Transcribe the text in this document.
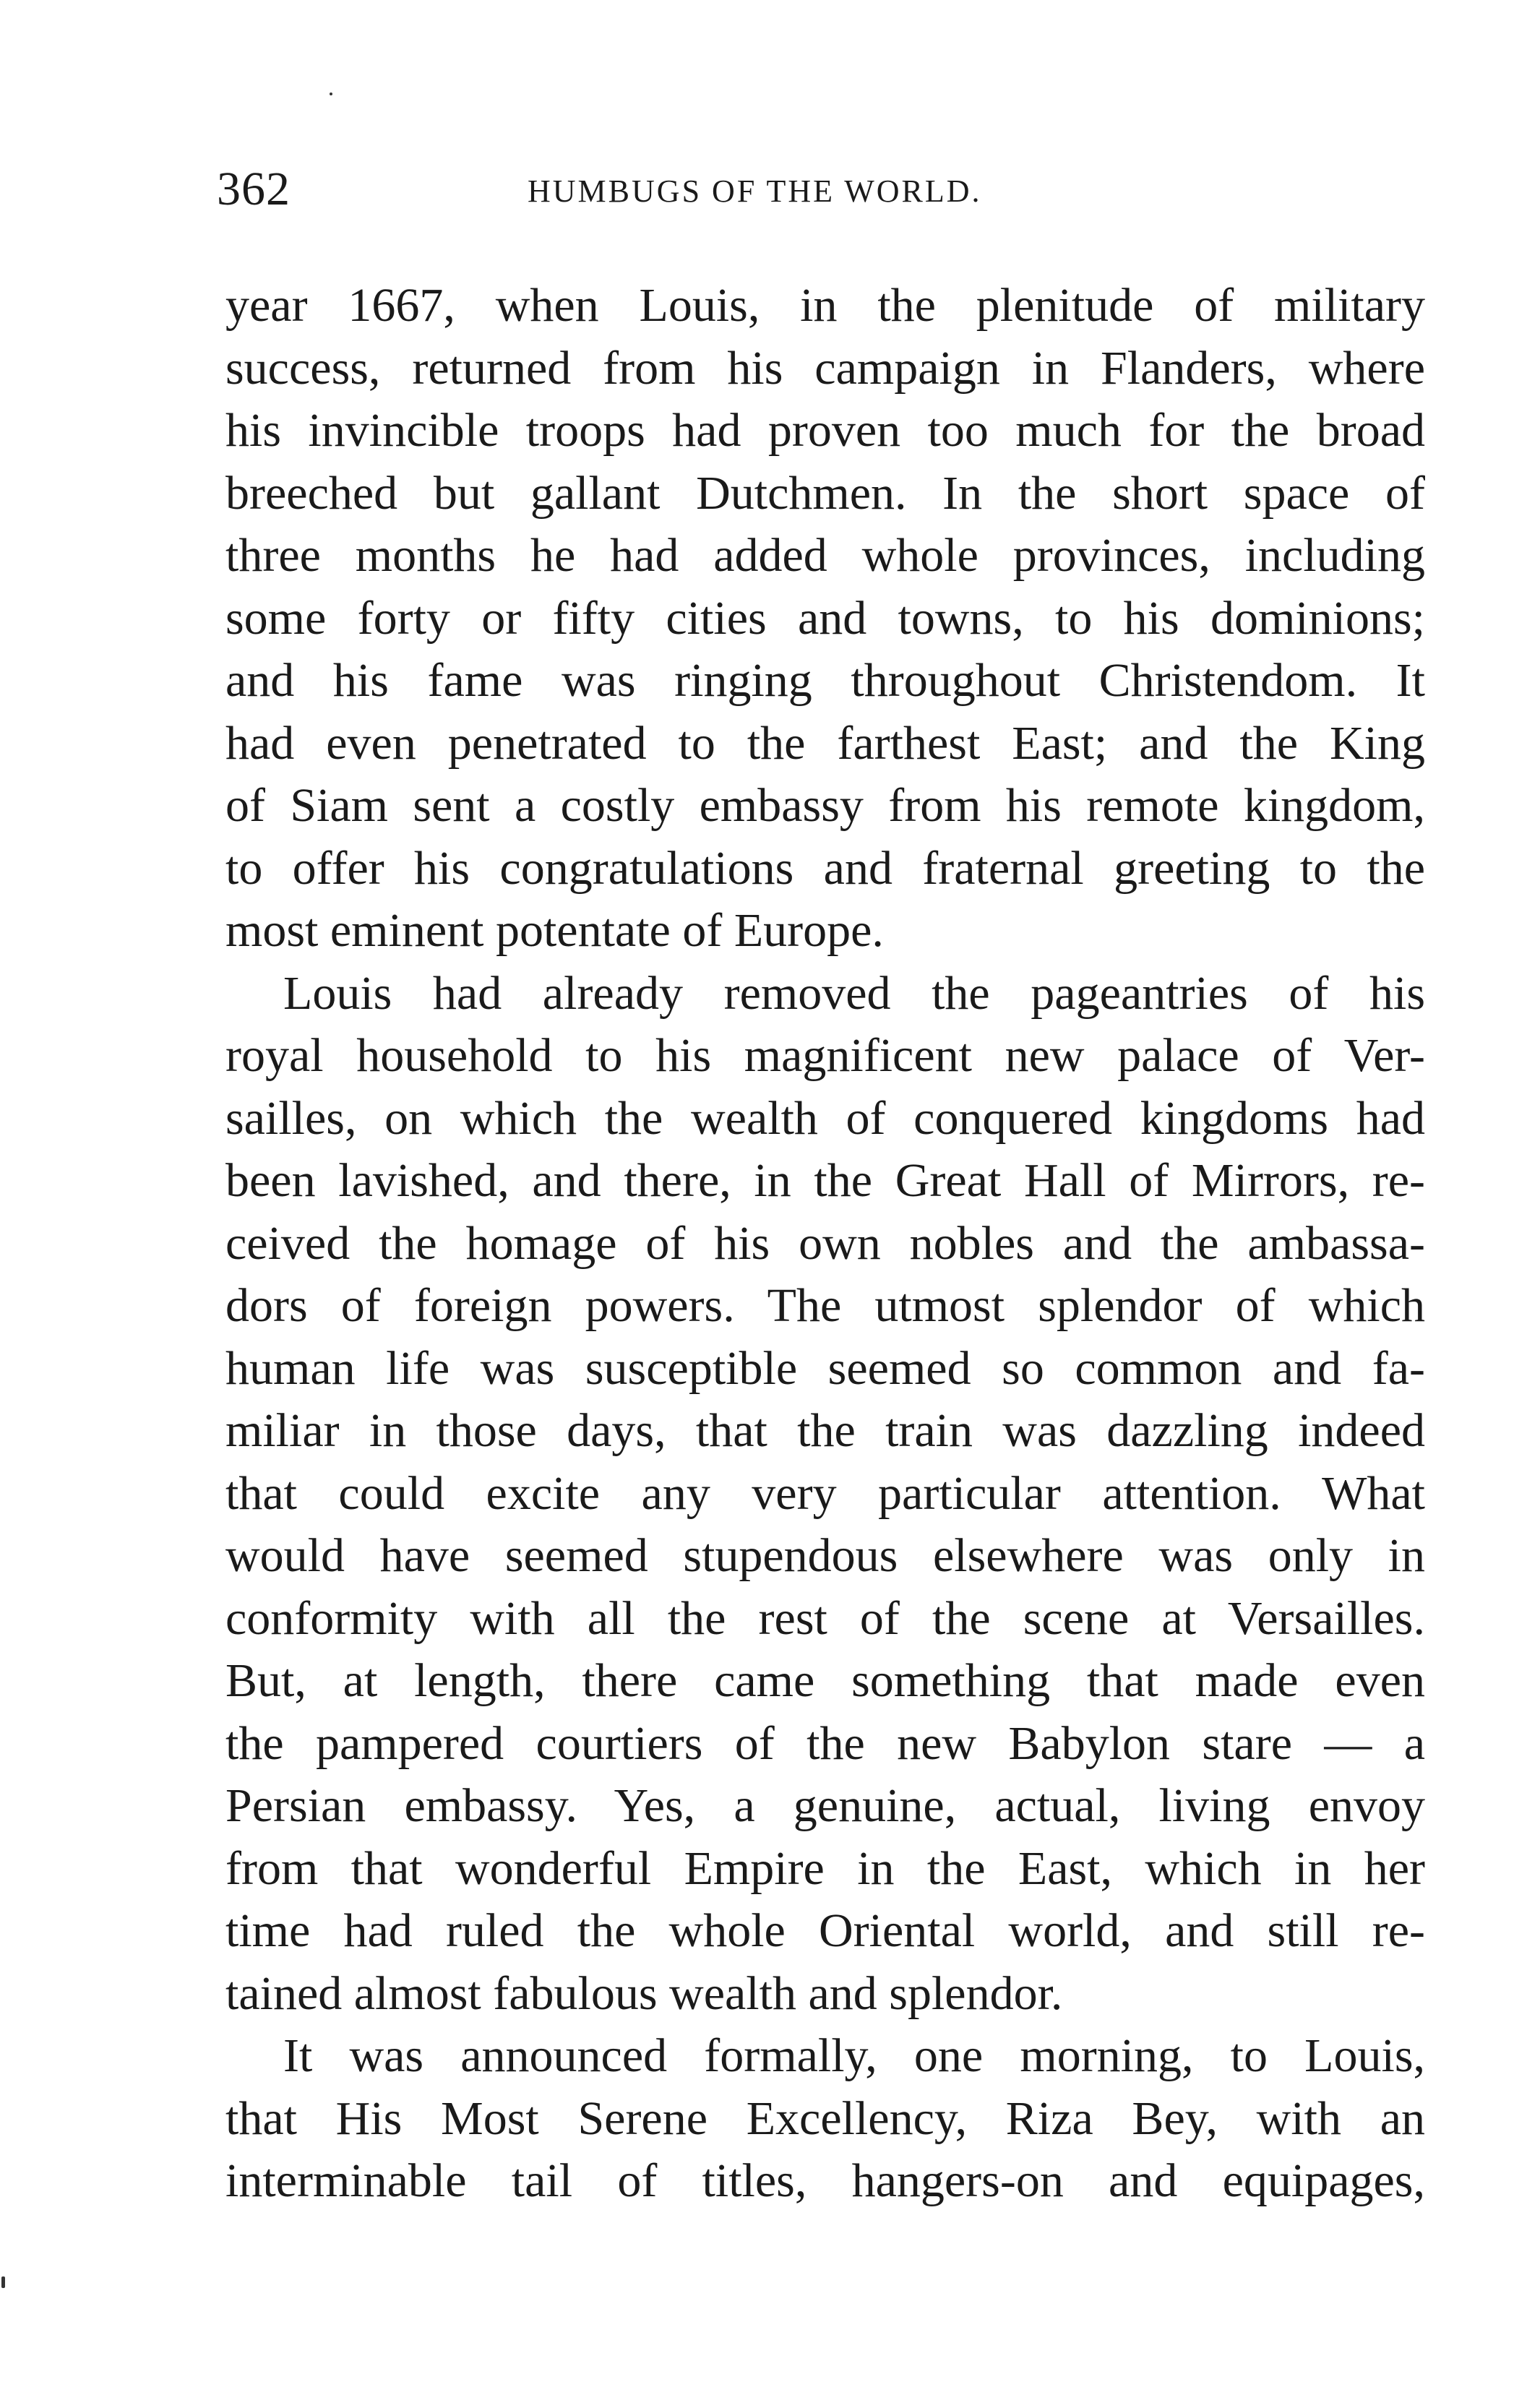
362	HUMBUGS OF THE WORLD.

year 1667, when Louis, in the plenitude of military

success, returned from his campaign in Flanders, where

his invincible troops had proven too much for the broad

breeched but gallant Dutchmen. In the short space of

three months he had added whole provinces, including

some forty or fifty cities and towns, to his dominions;

and his fame was ringing throughout Christendom. It

had even penetrated to the farthest East; and the King

of Siam sent a costly embassy from his remote kingdom,

to offer his congratulations and fraternal greeting to the

most eminent potentate of Europe.

Louis had already removed the pageantries of his

royal household to his magnificent new palace of Ver-

sailles, on which the wealth of conquered kingdoms had

been lavished, and there, in the Great Hall of Mirrors, re-

ceived the homage of his own nobles and the ambassa-

dors of foreign powers. The utmost splendor of which

human life was susceptible seemed so common and fa-

miliar in those days, that the train was dazzling indeed

that could excite any very particular attention. What

would have seemed stupendous elsewhere was only in

conformity with all the rest of the scene at Versailles.

But, at length, there came something that made even

the pampered courtiers of the new Babylon stare — a

Persian embassy. Yes, a genuine, actual, living envoy

from that wonderful Empire in the East, which in her

time had ruled the whole Oriental world, and still re-

tained almost fabulous wealth and splendor.

It was announced formally, one morning, to Louis,

that His Most Serene Excellency, Riza Bey, with an

interminable tail of titles, hangers-on and equipages,
